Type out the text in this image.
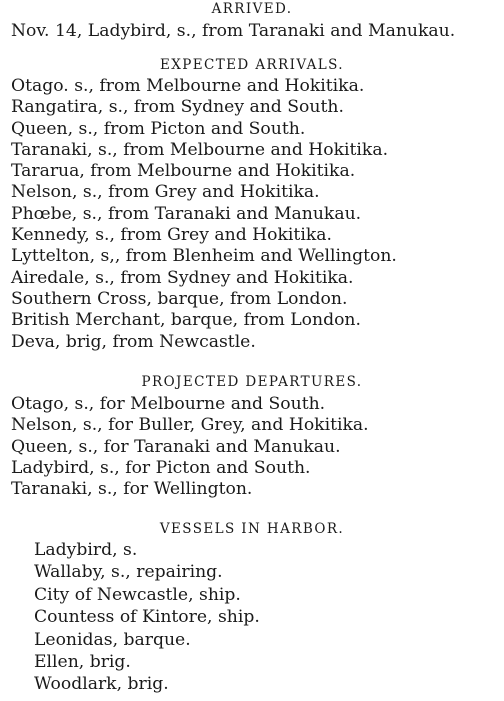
ARRIVED.
Nov. 14, Ladybird, s., from Taranaki and Manukau.
EXPECTED ARRIVALS.
Otago. s., from Melbourne and Hokitika.
Rangatira, s., from Sydney and South.
Queen, s., from Picton and South.
Taranaki, s., from Melbourne and Hokitika.
Tararua, from Melbourne and Hokitika.
Nelson, s., from Grey and Hokitika.
Phœbe, s., from Taranaki and Manukau.
Kennedy, s., from Grey and Hokitika.
Lyttelton, s,, from Blenheim and Wellington.
Airedale, s., from Sydney and Hokitika.
Southern Cross, barque, from London.
British Merchant, barque, from London.
Deva, brig, from Newcastle.
PROJECTED DEPARTURES.
Otago, s., for Melbourne and South.
Nelson, s., for Buller, Grey, and Hokitika.
Queen, s., for Taranaki and Manukau.
Ladybird, s., for Picton and South.
Taranaki, s., for Wellington.
VESSELS IN HARBOR.
Ladybird, s.
Wallaby, s., repairing.
City of Newcastle, ship.
Countess of Kintore, ship.
Leonidas, barque.
Ellen, brig.
Woodlark, brig.
